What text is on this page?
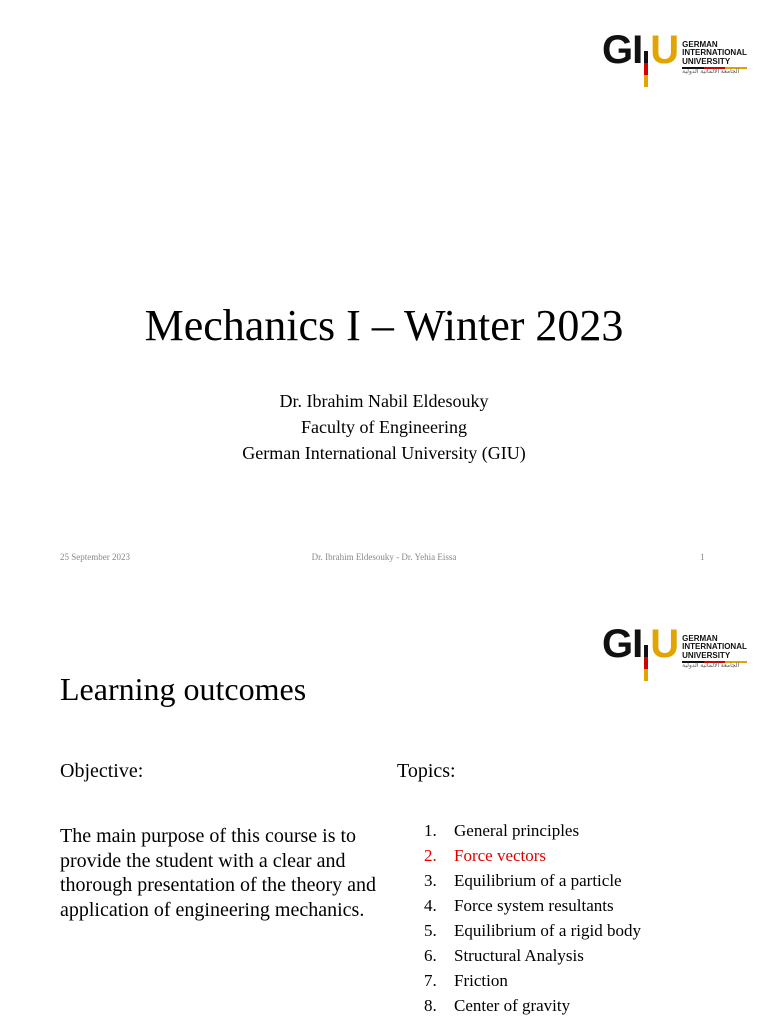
G I U GERMAN
INTERNATIONAL
UNIVERSITY
الجامعة الألمانية الدولية
Mechanics I – Winter 2023
Dr. Ibrahim Nabil Eldesouky
Faculty of Engineering
German International University (GIU)
25 September 2023	Dr. Ibrahim Eldesouky - Dr. Yehia Eissa	1
G I U GERMAN
INTERNATIONAL
UNIVERSITY
الجامعة الألمانية الدولية
Learning outcomes
Objective:
The main purpose of this course is to provide the student with a clear and thorough presentation of the theory and application of engineering mechanics.
Topics:
1.	General principles
2.	Force vectors
3.	Equilibrium of a particle
4.	Force system resultants
5.	Equilibrium of a rigid body
6.	Structural Analysis
7.	Friction
8.	Center of gravity
